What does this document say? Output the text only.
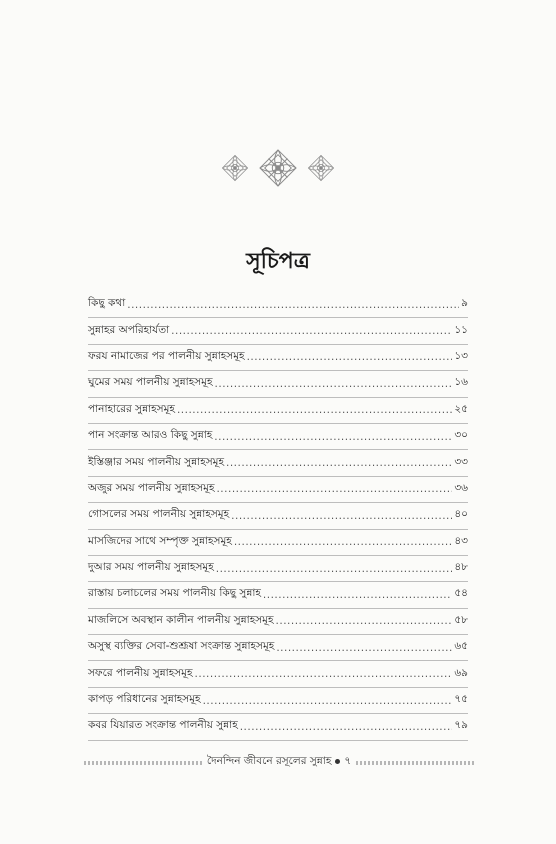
সূচিপত্র
কিছু কথা .....	৯
সুন্নাহর অপরিহার্যতা .....	১১
ফরয নামাজের পর পালনীয় সুন্নাহসমূহ .....	১৩
ঘুমের সময় পালনীয় সুন্নাহসমূহ .....	১৬
পানাহারের সুন্নাহসমূহ .....	২৫
পান সংক্রান্ত আরও কিছু সুন্নাহ .....	৩০
ইস্তিঞ্জার সময় পালনীয় সুন্নাহসমূহ .....	৩৩
অজুর সময় পালনীয় সুন্নাহসমূহ .....	৩৬
গোসলের সময় পালনীয় সুন্নাহসমূহ .....	৪০
মাসজিদের সাথে সম্পৃক্ত সুন্নাহসমূহ .....	৪৩
দুআর সময় পালনীয় সুন্নাহসমূহ .....	৪৮
রাস্তায় চলাচলের সময় পালনীয় কিছু সুন্নাহ .....	৫৪
মাজলিসে অবস্থান কালীন পালনীয় সুন্নাহসমূহ .....	৫৮
অসুস্থ ব্যক্তির সেবা-শুশ্রূষা সংক্রান্ত সুন্নাহসমূহ .....	৬৫
সফরে পালনীয় সুন্নাহসমূহ .....	৬৯
কাপড় পরিধানের সুন্নাহসমূহ .....	৭৫
কবর যিয়ারত সংক্রান্ত পালনীয় সুন্নাহ .....	৭৯
দৈনন্দিন জীবনে রসূলের সুন্নাহ ৭
